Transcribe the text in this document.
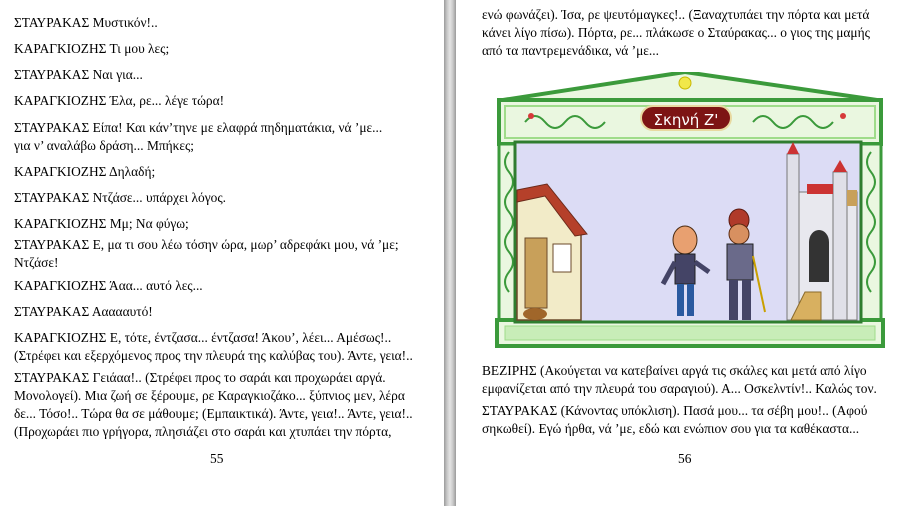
ΣΤΑΥΡΑΚΑΣ Μυστικόν!..
ΚΑΡΑΓΚΙΟΖΗΣ Τι μου λες;
ΣΤΑΥΡΑΚΑΣ Ναι για...
ΚΑΡΑΓΚΙΟΖΗΣ Έλα, ρε... λέγε τώρα!
ΣΤΑΥΡΑΚΑΣ Είπα! Και κάν’τηνε με ελαφρά πηδηματάκια, νά ’με...
για ν’ αναλάβω δράση... Μπήκες;
ΚΑΡΑΓΚΙΟΖΗΣ Δηλαδή;
ΣΤΑΥΡΑΚΑΣ Ντζάσε... υπάρχει λόγος.
ΚΑΡΑΓΚΙΟΖΗΣ Μμ; Να φύγω;
ΣΤΑΥΡΑΚΑΣ Ε, μα τι σου λέω τόσην ώρα, μωρ’ αδρεφάκι μου, νά ’με;
Ντζάσε!
ΚΑΡΑΓΚΙΟΖΗΣ Άαα... αυτό λες...
ΣΤΑΥΡΑΚΑΣ Αααααυτό!
ΚΑΡΑΓΚΙΟΖΗΣ Ε, τότε, έντζασα... έντζασα! Άκου’, λέει... Αμέσως!..
(Στρέφει και εξερχόμενος προς την πλευρά της καλύβας του). Άντε, γεια!..
ΣΤΑΥΡΑΚΑΣ Γειάαα!.. (Στρέφει προς το σαράι και προχωράει αργά.
Μονολογεί). Μια ζωή σε ξέρουμε, ρε Καραγκιοζάκο... ξύπνιος μεν, λέρα
δε... Τόσο!.. Τώρα θα σε μάθουμε; (Εμπαικτικά). Άντε, γεια!.. Άντε, γεια!..
(Προχωράει πιο γρήγορα, πλησιάζει στο σαράι και χτυπάει την πόρτα,
55
ενώ φωνάζει). Ίσα, ρε ψευτόμαγκες!.. (Ξαναχτυπάει την πόρτα και μετά
κάνει λίγο πίσω). Πόρτα, ρε... πλάκωσε ο Σταύρακας... ο γιος της μαμής
από τα παντρεμενάδικα, νά ’με...
ΒΕΖΙΡΗΣ (Ακούγεται να κατεβαίνει αργά τις σκάλες και μετά από λίγο
εμφανίζεται από την πλευρά του σαραγιού). Α... Οσκελντίν!.. Καλώς τον.
ΣΤΑΥΡΑΚΑΣ (Κάνοντας υπόκλιση). Πασά μου... τα σέβη μου!.. (Αφού
σηκωθεί). Εγώ ήρθα, νά ’με, εδώ και ενώπιον σου για τα καθέκαστα...
56
Σκηνή Ζ'
